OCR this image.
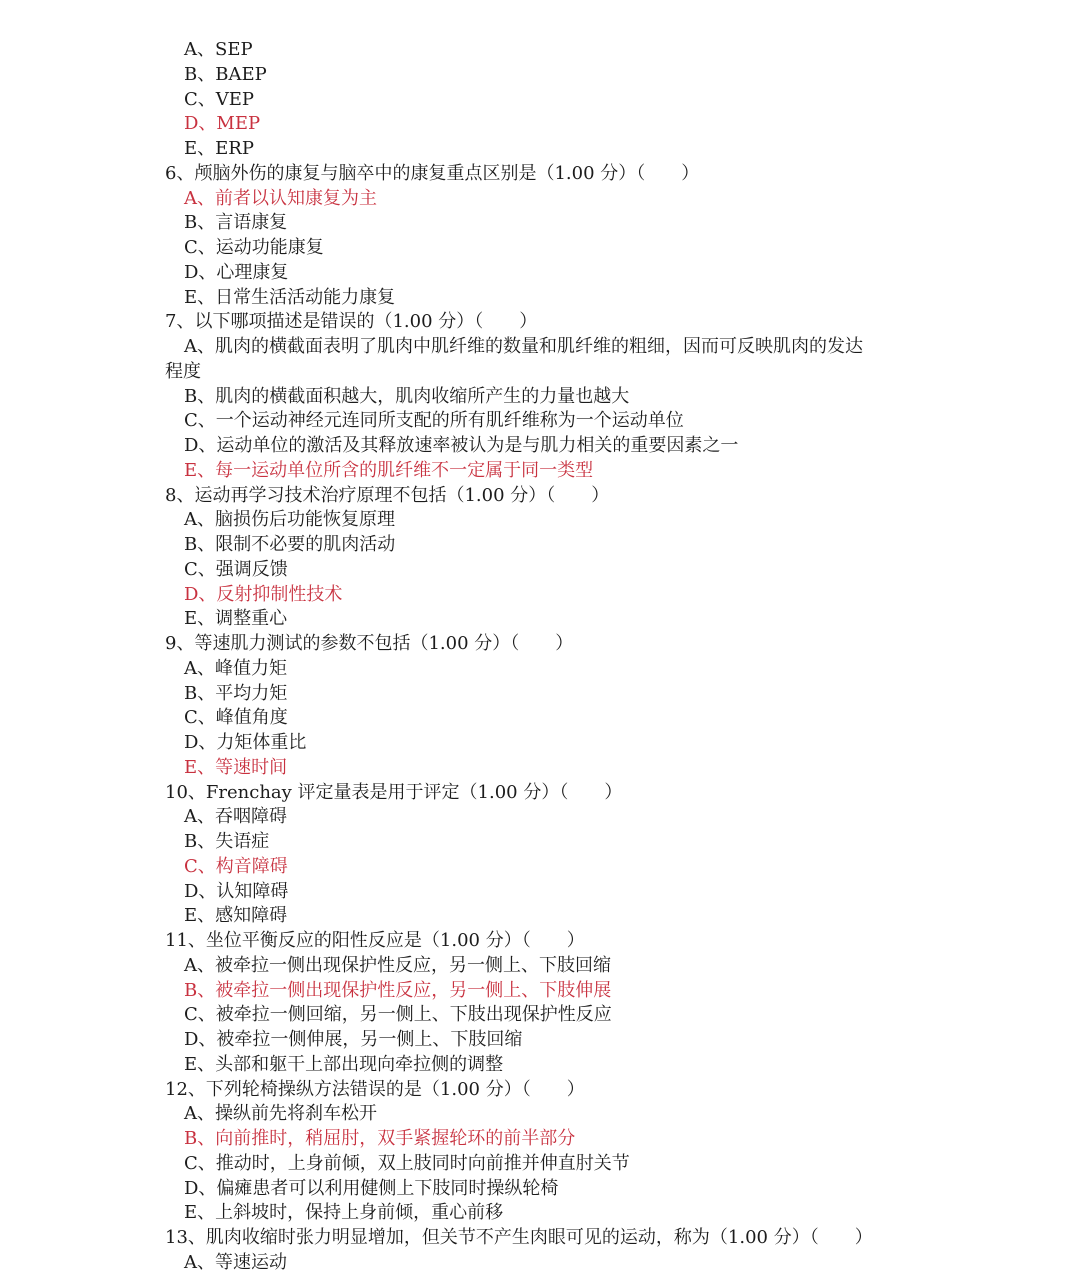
A、SEP
B、BAEP
C、VEP
D、MEP
E、ERP
6、颅脑外伤的康复与脑卒中的康复重点区别是（1.00 分）（　　）
A、前者以认知康复为主
B、言语康复
C、运动功能康复
D、心理康复
E、日常生活活动能力康复
7、以下哪项描述是错误的（1.00 分）（　　）
A、肌肉的横截面表明了肌肉中肌纤维的数量和肌纤维的粗细，因而可反映肌肉的发达
程度
B、肌肉的横截面积越大，肌肉收缩所产生的力量也越大
C、一个运动神经元连同所支配的所有肌纤维称为一个运动单位
D、运动单位的激活及其释放速率被认为是与肌力相关的重要因素之一
E、每一运动单位所含的肌纤维不一定属于同一类型
8、运动再学习技术治疗原理不包括（1.00 分）（　　）
A、脑损伤后功能恢复原理
B、限制不必要的肌肉活动
C、强调反馈
D、反射抑制性技术
E、调整重心
9、等速肌力测试的参数不包括（1.00 分）（　　）
A、峰值力矩
B、平均力矩
C、峰值角度
D、力矩体重比
E、等速时间
10、Frenchay 评定量表是用于评定（1.00 分）（　　）
A、吞咽障碍
B、失语症
C、构音障碍
D、认知障碍
E、感知障碍
11、坐位平衡反应的阳性反应是（1.00 分）（　　）
A、被牵拉一侧出现保护性反应，另一侧上、下肢回缩
B、被牵拉一侧出现保护性反应，另一侧上、下肢伸展
C、被牵拉一侧回缩，另一侧上、下肢出现保护性反应
D、被牵拉一侧伸展，另一侧上、下肢回缩
E、头部和躯干上部出现向牵拉侧的调整
12、下列轮椅操纵方法错误的是（1.00 分）（　　）
A、操纵前先将刹车松开
B、向前推时，稍屈肘，双手紧握轮环的前半部分
C、推动时，上身前倾，双上肢同时向前推并伸直肘关节
D、偏瘫患者可以利用健侧上下肢同时操纵轮椅
E、上斜坡时，保持上身前倾，重心前移
13、肌肉收缩时张力明显增加，但关节不产生肉眼可见的运动，称为（1.00 分）（　　）
A、等速运动
